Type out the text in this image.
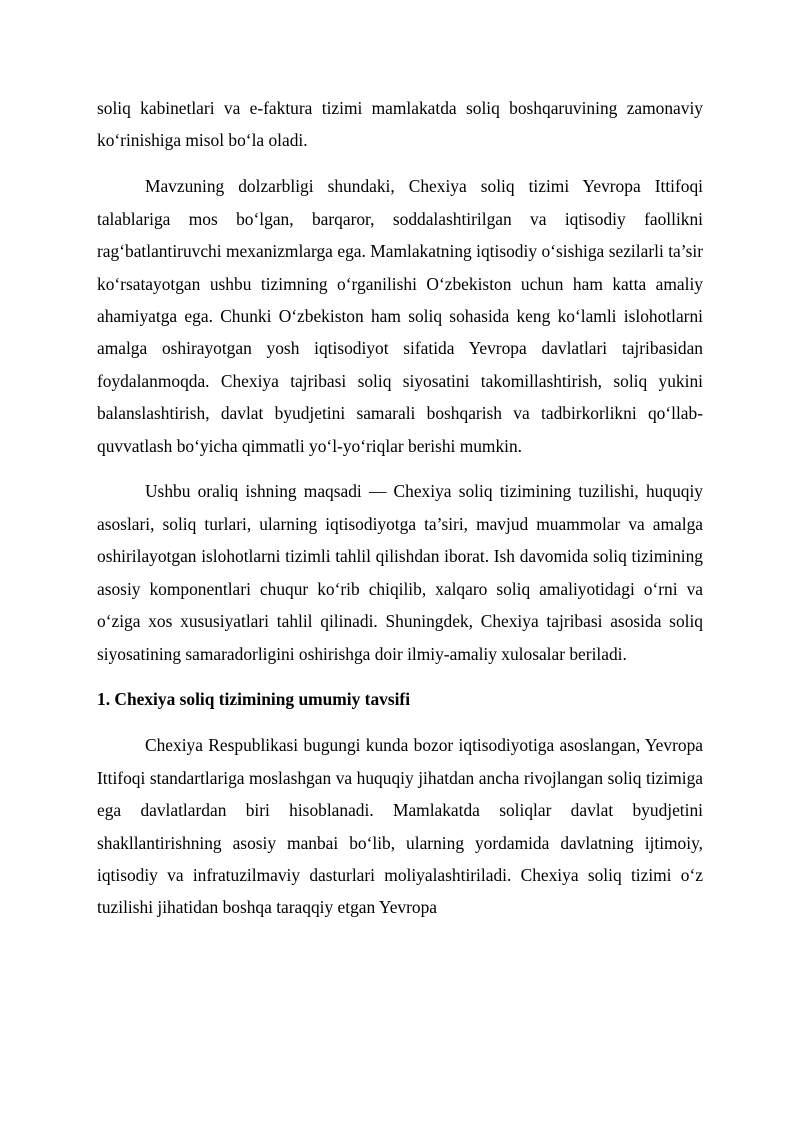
soliq kabinetlari va e-faktura tizimi mamlakatda soliq boshqaruvining zamonaviy ko‘rinishiga misol bo‘la oladi.

Mavzuning dolzarbligi shundaki, Chexiya soliq tizimi Yevropa Ittifoqi talablariga mos bo‘lgan, barqaror, soddalashtirilgan va iqtisodiy faollikni rag‘batlantiruvchi mexanizmlarga ega. Mamlakatning iqtisodiy o‘sishiga sezilarli ta’sir ko‘rsatayotgan ushbu tizimning o‘rganilishi O‘zbekiston uchun ham katta amaliy ahamiyatga ega. Chunki O‘zbekiston ham soliq sohasida keng ko‘lamli islohotlarni amalga oshirayotgan yosh iqtisodiyot sifatida Yevropa davlatlari tajribasidan foydalanmoqda. Chexiya tajribasi soliq siyosatini takomillashtirish, soliq yukini balanslashtirish, davlat byudjetini samarali boshqarish va tadbirkorlikni qo‘llab-quvvatlash bo‘yicha qimmatli yo‘l-yo‘riqlar berishi mumkin.

Ushbu oraliq ishning maqsadi — Chexiya soliq tizimining tuzilishi, huquqiy asoslari, soliq turlari, ularning iqtisodiyotga ta’siri, mavjud muammolar va amalga oshirilayotgan islohotlarni tizimli tahlil qilishdan iborat. Ish davomida soliq tizimining asosiy komponentlari chuqur ko‘rib chiqilib, xalqaro soliq amaliyotidagi o‘rni va o‘ziga xos xususiyatlari tahlil qilinadi. Shuningdek, Chexiya tajribasi asosida soliq siyosatining samaradorligini oshirishga doir ilmiy-amaliy xulosalar beriladi.

1. Chexiya soliq tizimining umumiy tavsifi

Chexiya Respublikasi bugungi kunda bozor iqtisodiyotiga asoslangan, Yevropa Ittifoqi standartlariga moslashgan va huquqiy jihatdan ancha rivojlangan soliq tizimiga ega davlatlardan biri hisoblanadi. Mamlakatda soliqlar davlat byudjetini shakllantirishning asosiy manbai bo‘lib, ularning yordamida davlatning ijtimoiy, iqtisodiy va infratuzilmaviy dasturlari moliyalashtiriladi. Chexiya soliq tizimi o‘z tuzilishi jihatidan boshqa taraqqiy etgan Yevropa
